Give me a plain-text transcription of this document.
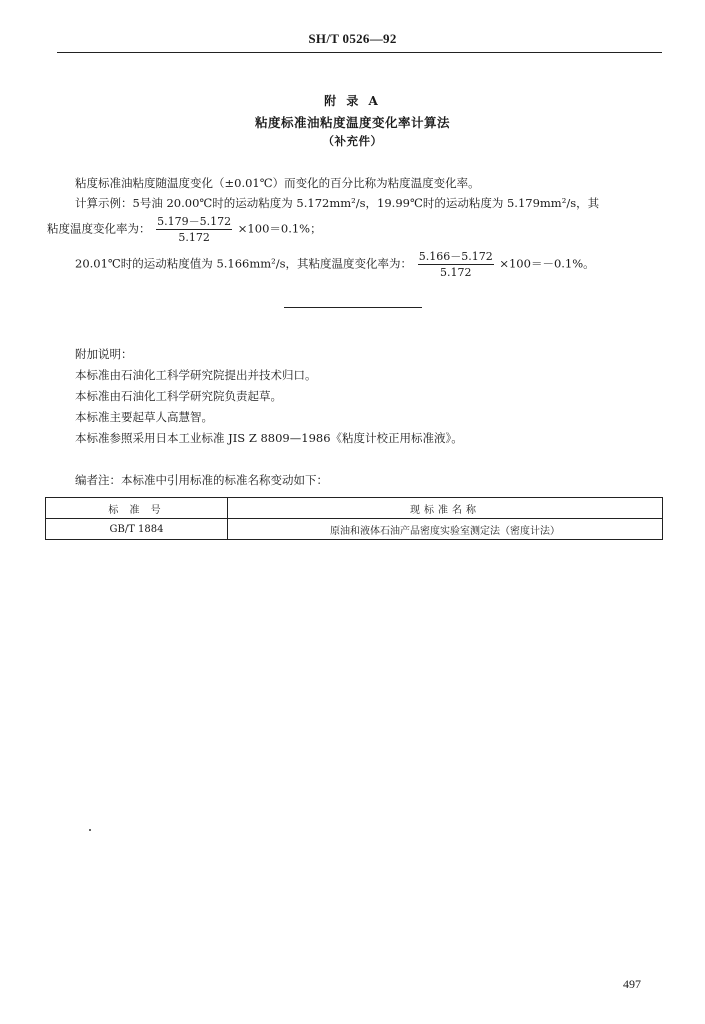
SH/T 0526—92
附 录 A
粘度标准油粘度温度变化率计算法
（补充件）
粘度标准油粘度随温度变化（±0.01℃）而变化的百分比称为粘度温度变化率。
计算示例：5号油 20.00℃时的运动粘度为 5.172mm²/s，19.99℃时的运动粘度为 5.179mm²/s，其
粘度温度变化率为： $\frac{5.179-5.172}{5.172} \times 100=0.1\%$；
20.01℃时的运动粘度值为 5.166mm²/s，其粘度温度变化率为： $\frac{5.166-5.172}{5.172} \times 100=-0.1\%$。
附加说明：
本标准由石油化工科学研究院提出并技术归口。
本标准由石油化工科学研究院负责起草。
本标准主要起草人高慧智。
本标准参照采用日本工业标准 JIS Z 8809—1986《粘度计校正用标准液》。
编者注：本标准中引用标准的标准名称变动如下：
标 准 号	现标准名称
GB/T 1884	原油和液体石油产品密度实验室测定法（密度计法）
497
